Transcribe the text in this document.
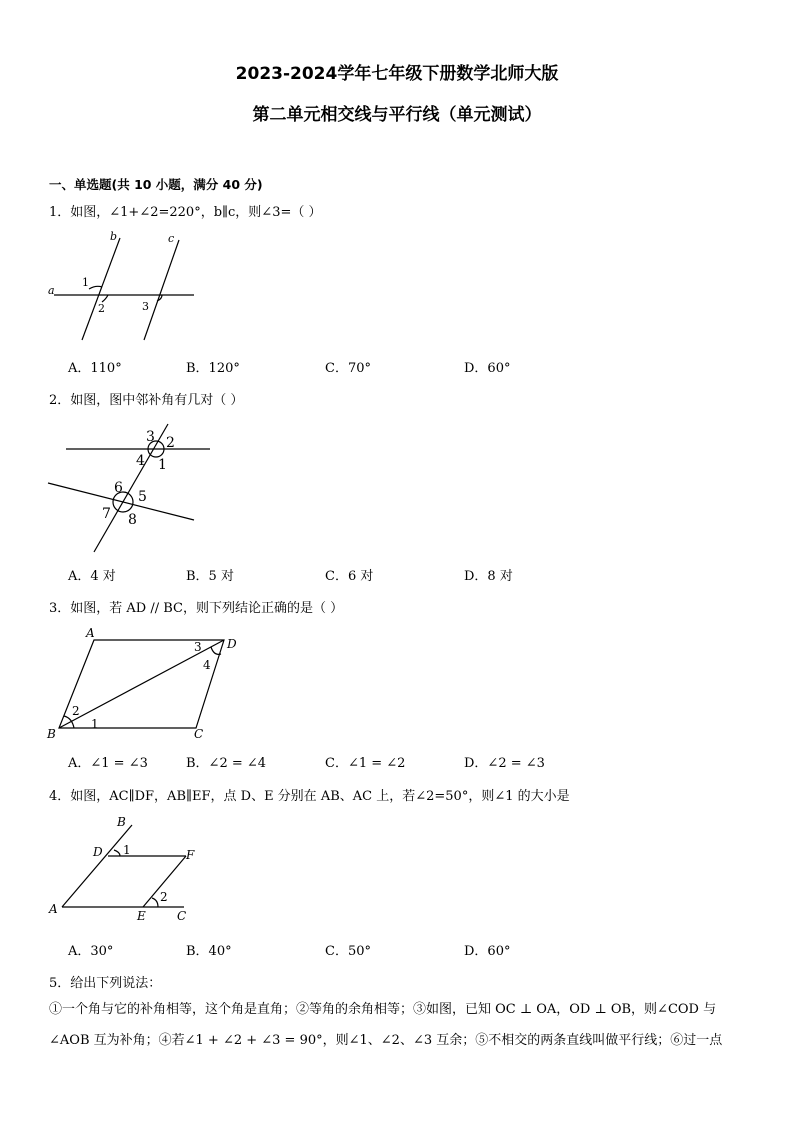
2023-2024学年七年级下册数学北师大版
第二单元相交线与平行线（单元测试）
一、单选题(共 10 小题，满分 40 分)
1．如图，∠1+∠2=220°，b∥c，则∠3=（ ）
b	c
a
1
2	3
A．110°	B．120°	C．70°	D．60°
2．如图，图中邻补角有几对（ ）
3 2
4 1
6
5
7 8
A．4 对	B．5 对	C．6 对	D．8 对
3．如图，若 AD // BC，则下列结论正确的是（ ）
A
D
B	C
1
2
3
4
A．∠1 = ∠3	B．∠2 = ∠4	C．∠1 = ∠2	D．∠2 = ∠3
4．如图，AC∥DF，AB∥EF，点 D、E 分别在 AB、AC 上，若∠2=50°，则∠1 的大小是
B
D	F
A	E	C
1
2
A．30°	B．40°	C．50°	D．60°
5．给出下列说法：
①一个角与它的补角相等，这个角是直角；②等角的余角相等；③如图，已知 OC ⊥ OA，OD ⊥ OB，则∠COD 与
∠AOB 互为补角；④若∠1 + ∠2 + ∠3 = 90°，则∠1、∠2、∠3 互余；⑤不相交的两条直线叫做平行线；⑥过一点
